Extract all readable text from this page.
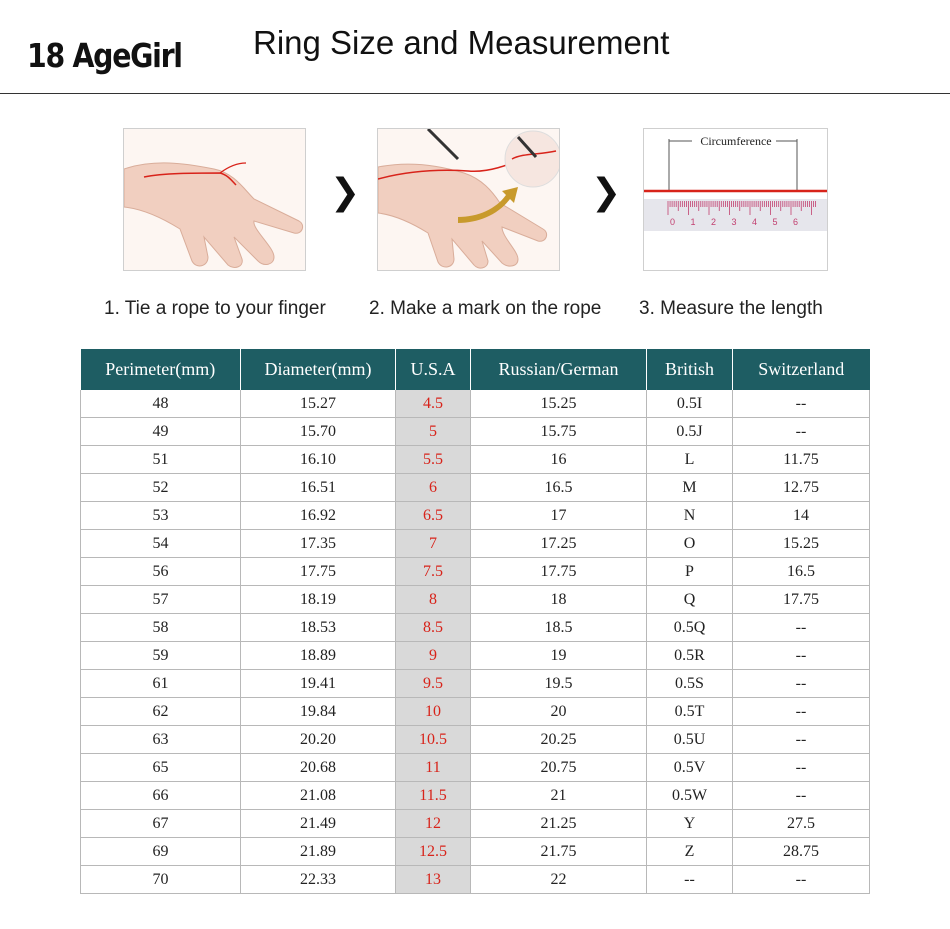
18 AgeGirl Ring Size and Measurement
❯	❯
Circumference
0 1 2 3 4 5 6
1. Tie a rope to your finger 2. Make a mark on the rope 3. Measure the length
Perimeter(mm)	Diameter(mm)	U.S.A	Russian/German	British	Switzerland
48	15.27	4.5	15.25	0.5I	--
49	15.70	5	15.75	0.5J	--
51	16.10	5.5	16	L	11.75
52	16.51	6	16.5	M	12.75
53	16.92	6.5	17	N	14
54	17.35	7	17.25	O	15.25
56	17.75	7.5	17.75	P	16.5
57	18.19	8	18	Q	17.75
58	18.53	8.5	18.5	0.5Q	--
59	18.89	9	19	0.5R	--
61	19.41	9.5	19.5	0.5S	--
62	19.84	10	20	0.5T	--
63	20.20	10.5	20.25	0.5U	--
65	20.68	11	20.75	0.5V	--
66	21.08	11.5	21	0.5W	--
67	21.49	12	21.25	Y	27.5
69	21.89	12.5	21.75	Z	28.75
70	22.33	13	22	--	--
